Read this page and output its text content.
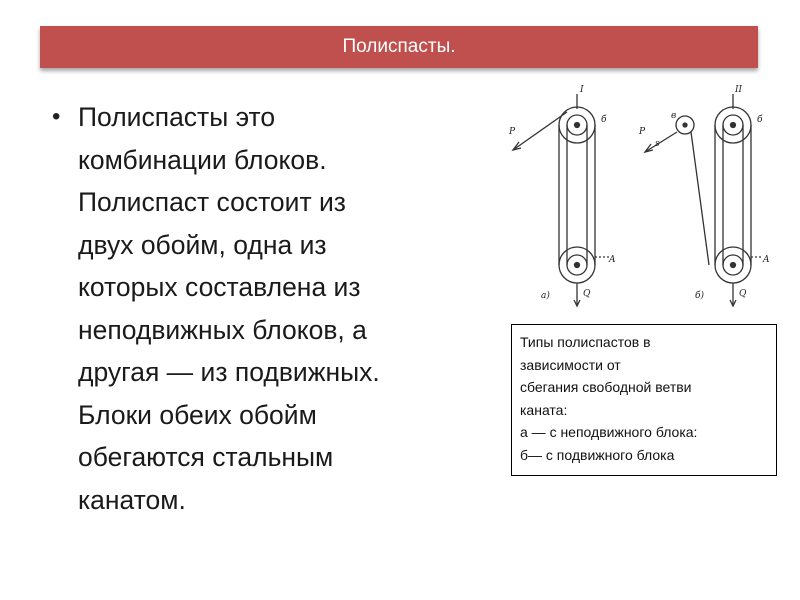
Полиспасты.
• Полиспасты это
комбинации блоков.
Полиспаст состоит из
двух обойм, одна из
которых составлена из
неподвижных блоков, а
другая — из подвижных.
Блоки обеих обойм
обегаются стальным
канатом.
I
P
б
A
Q
а)
II
P
в
s
б
A
Q
б)
Типы полиспастов в
зависимости от
сбегания свободной ветви
каната:
а — с неподвижного блока:
б— с подвижного блока
